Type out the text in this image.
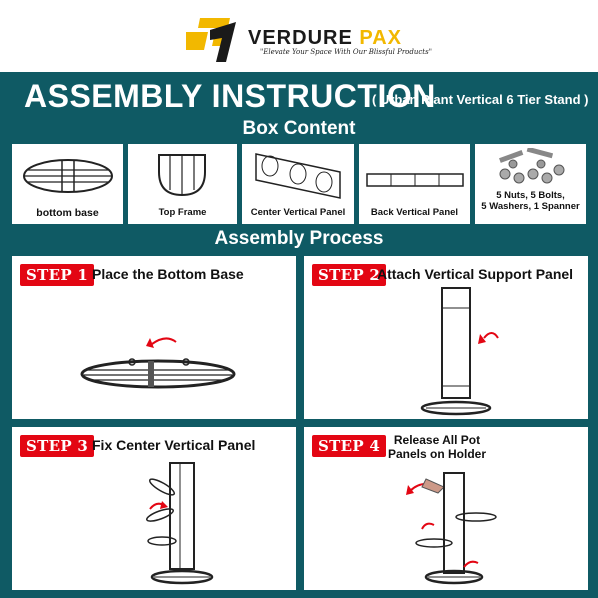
VERDURE PAX
"Elevate Your Space With Our Blissful Products"
ASSEMBLY INSTRUCTION
( Urban Plant Vertical 6 Tier Stand )
Box Content
bottom base	Top Frame	Center Vertical Panel	Back Vertical Panel
5 Nuts, 5 Bolts,
5 Washers, 1 Spanner
Assembly Process
STEP 1 Place the Bottom Base	STEP 2
Attach Vertical Support Panel
STEP 3 Fix Center Vertical Panel	STEP 4	Release All Pot
Panels on Holder
